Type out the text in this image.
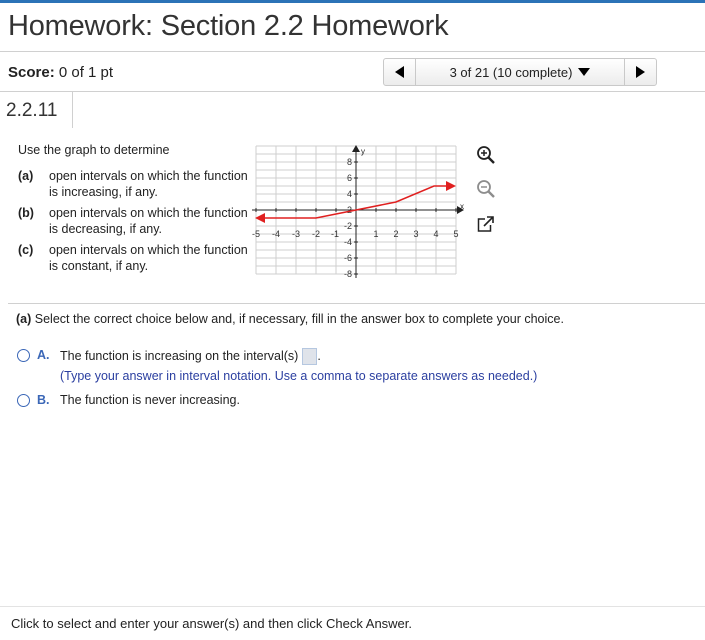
Homework: Section 2.2 Homework
Score: 0 of 1 pt	3 of 21 (10 complete)
2.2.11
Use the graph to determine
(a)	open intervals on which the function is increasing, if any.
(b)	open intervals on which the function is decreasing, if any.
(c)	open intervals on which the function is constant, if any.
x
y
-5 -4 -3 -2 -1	1 2 3 4 5
8
6
4
2
-2
-4
-6
-8
(a) Select the correct choice below and, if necessary, fill in the answer box to complete your choice.
A. The function is increasing on the interval(s) .
(Type your answer in interval notation. Use a comma to separate answers as needed.)
B. The function is never increasing.
Click to select and enter your answer(s) and then click Check Answer.
